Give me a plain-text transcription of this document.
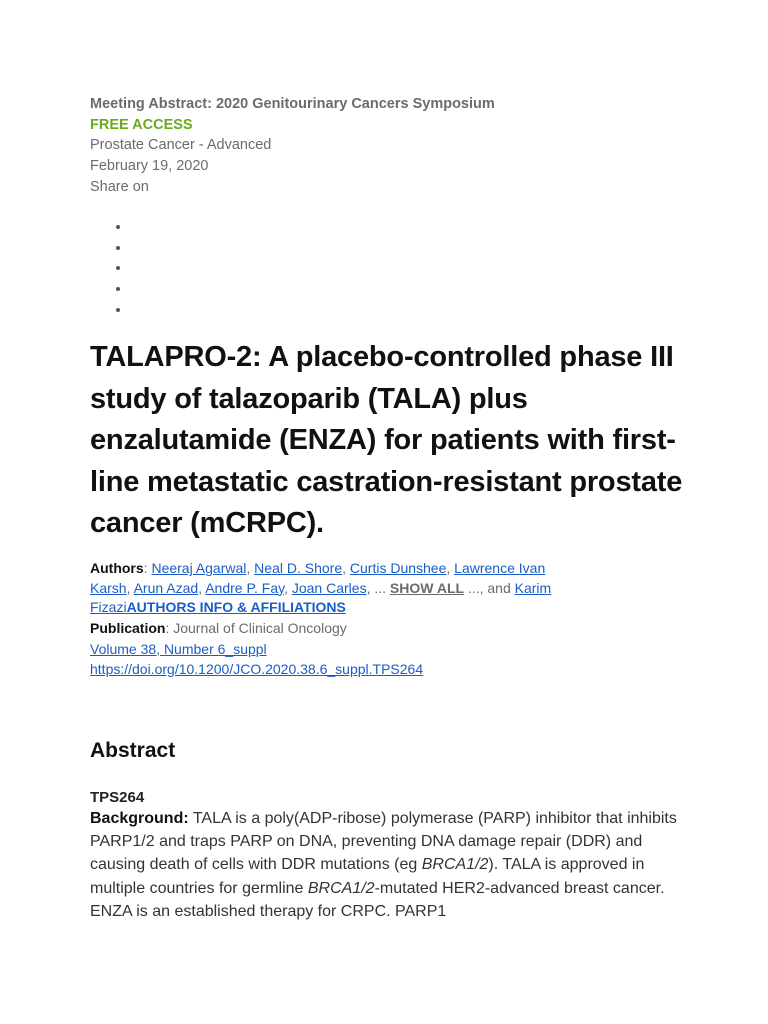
Meeting Abstract: 2020 Genitourinary Cancers Symposium
FREE ACCESS
Prostate Cancer - Advanced
February 19, 2020
Share on
TALAPRO-2: A placebo-controlled phase III study of talazoparib (TALA) plus enzalutamide (ENZA) for patients with first-line metastatic castration-resistant prostate cancer (mCRPC).
Authors: Neeraj Agarwal, Neal D. Shore, Curtis Dunshee, Lawrence Ivan Karsh, Arun Azad, Andre P. Fay, Joan Carles, ... SHOW ALL ..., and Karim FizaziAUTHORS INFO & AFFILIATIONS
Publication: Journal of Clinical Oncology
Volume 38, Number 6_suppl
https://doi.org/10.1200/JCO.2020.38.6_suppl.TPS264
Abstract
TPS264

Background: TALA is a poly(ADP-ribose) polymerase (PARP) inhibitor that inhibits PARP1/2 and traps PARP on DNA, preventing DNA damage repair (DDR) and causing death of cells with DDR mutations (eg BRCA1/2). TALA is approved in multiple countries for germline BRCA1/2-mutated HER2-advanced breast cancer. ENZA is an established therapy for CRPC. PARP1
